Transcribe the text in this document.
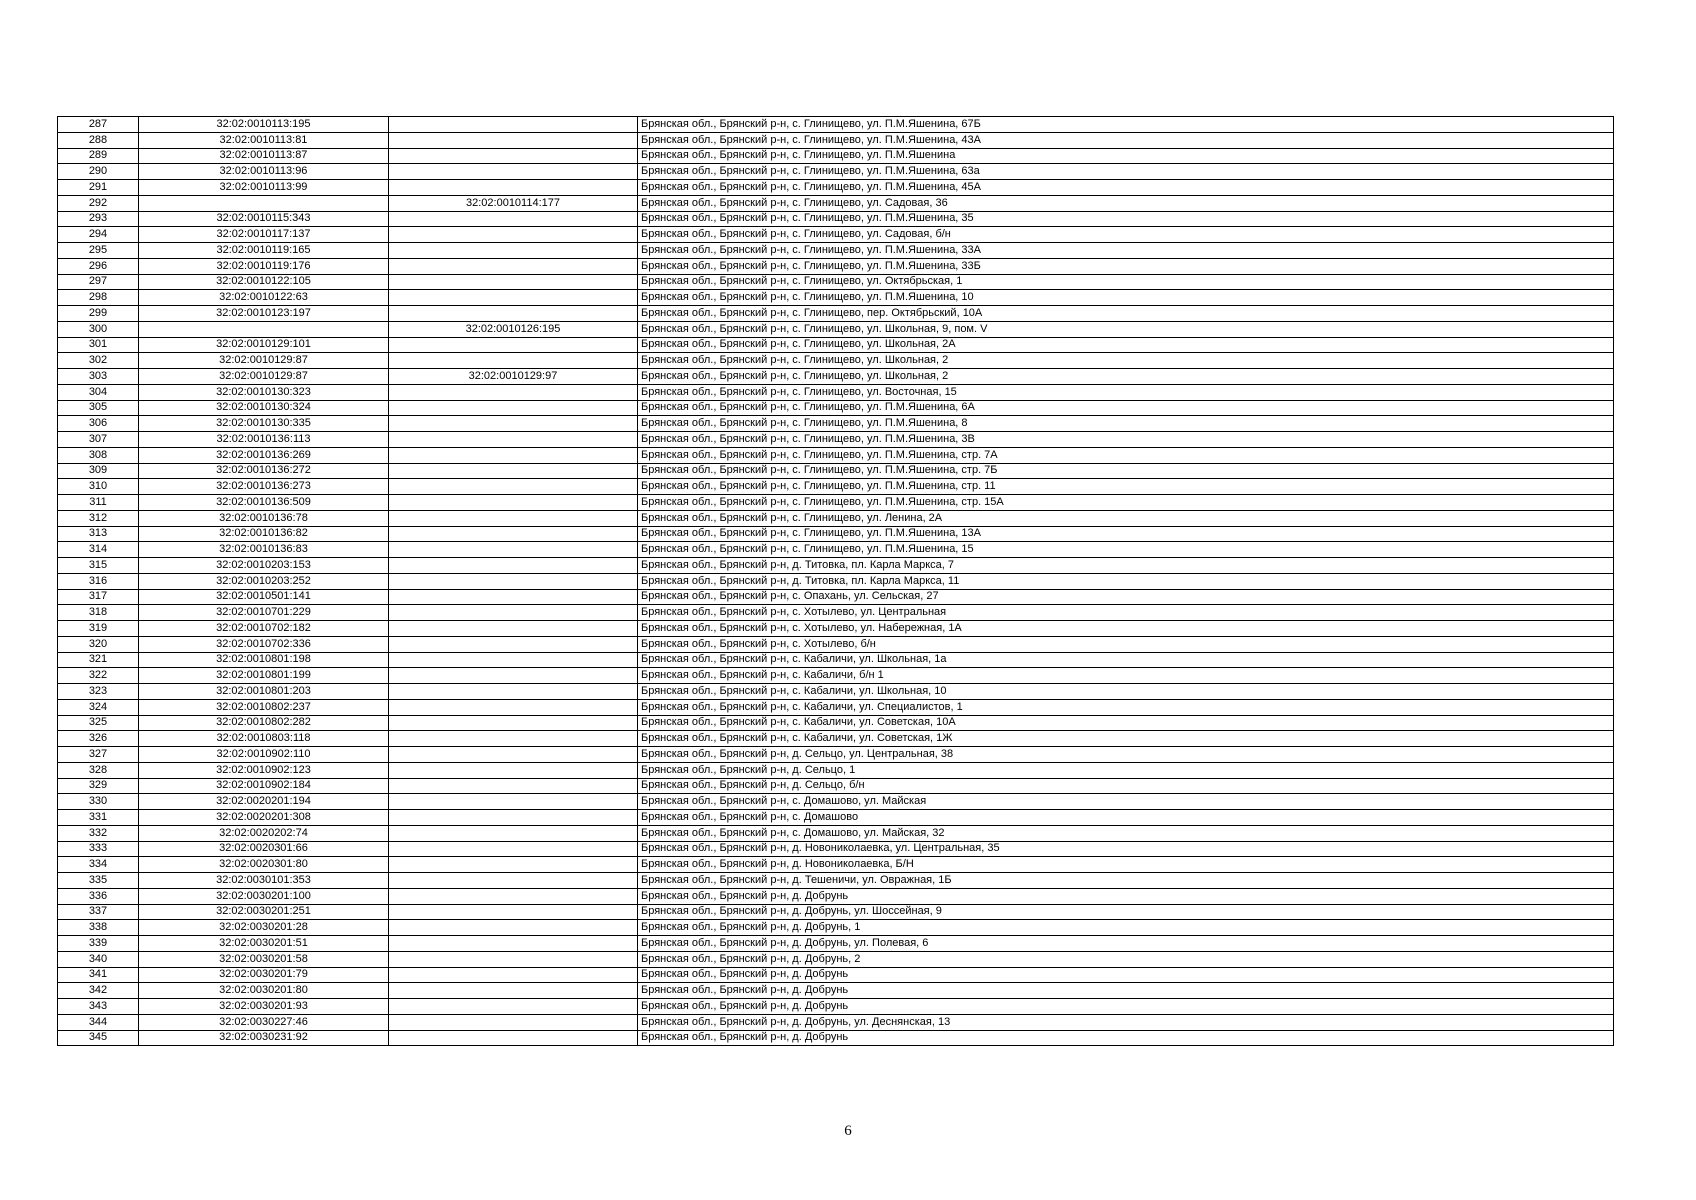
287	32:02:0010113:195		Брянская обл., Брянский р-н, с. Глинищево, ул. П.М.Яшенина, 67Б
288	32:02:0010113:81		Брянская обл., Брянский р-н, с. Глинищево, ул. П.М.Яшенина, 43А
289	32:02:0010113:87		Брянская обл., Брянский р-н, с. Глинищево, ул. П.М.Яшенина
290	32:02:0010113:96		Брянская обл., Брянский р-н, с. Глинищево, ул. П.М.Яшенина, 63а
291	32:02:0010113:99		Брянская обл., Брянский р-н, с. Глинищево, ул. П.М.Яшенина, 45А
292		32:02:0010114:177	Брянская обл., Брянский р-н, с. Глинищево, ул. Садовая, 36
293	32:02:0010115:343		Брянская обл., Брянский р-н, с. Глинищево, ул. П.М.Яшенина, 35
294	32:02:0010117:137		Брянская обл., Брянский р-н, с. Глинищево, ул. Садовая, б/н
295	32:02:0010119:165		Брянская обл., Брянский р-н, с. Глинищево, ул. П.М.Яшенина, 33А
296	32:02:0010119:176		Брянская обл., Брянский р-н, с. Глинищево, ул. П.М.Яшенина, 33Б
297	32:02:0010122:105		Брянская обл., Брянский р-н, с. Глинищево, ул. Октябрьская, 1
298	32:02:0010122:63		Брянская обл., Брянский р-н, с. Глинищево, ул. П.М.Яшенина, 10
299	32:02:0010123:197		Брянская обл., Брянский р-н, с. Глинищево, пер. Октябрьский, 10А
300		32:02:0010126:195	Брянская обл., Брянский р-н, с. Глинищево, ул. Школьная, 9, пом. V
301	32:02:0010129:101		Брянская обл., Брянский р-н, с. Глинищево, ул. Школьная, 2А
302	32:02:0010129:87		Брянская обл., Брянский р-н, с. Глинищево, ул. Школьная, 2
303	32:02:0010129:87	32:02:0010129:97	Брянская обл., Брянский р-н, с. Глинищево, ул. Школьная, 2
304	32:02:0010130:323		Брянская обл., Брянский р-н, с. Глинищево, ул. Восточная, 15
305	32:02:0010130:324		Брянская обл., Брянский р-н, с. Глинищево, ул. П.М.Яшенина, 6А
306	32:02:0010130:335		Брянская обл., Брянский р-н, с. Глинищево, ул. П.М.Яшенина, 8
307	32:02:0010136:113		Брянская обл., Брянский р-н, с. Глинищево, ул. П.М.Яшенина, 3В
308	32:02:0010136:269		Брянская обл., Брянский р-н, с. Глинищево, ул. П.М.Яшенина, стр. 7А
309	32:02:0010136:272		Брянская обл., Брянский р-н, с. Глинищево, ул. П.М.Яшенина, стр. 7Б
310	32:02:0010136:273		Брянская обл., Брянский р-н, с. Глинищево, ул. П.М.Яшенина, стр. 11
311	32:02:0010136:509		Брянская обл., Брянский р-н, с. Глинищево, ул. П.М.Яшенина, стр. 15А
312	32:02:0010136:78		Брянская обл., Брянский р-н, с. Глинищево, ул. Ленина, 2А
313	32:02:0010136:82		Брянская обл., Брянский р-н, с. Глинищево, ул. П.М.Яшенина, 13А
314	32:02:0010136:83		Брянская обл., Брянский р-н, с. Глинищево, ул. П.М.Яшенина, 15
315	32:02:0010203:153		Брянская обл., Брянский р-н, д. Титовка, пл. Карла Маркса, 7
316	32:02:0010203:252		Брянская обл., Брянский р-н, д. Титовка, пл. Карла Маркса, 11
317	32:02:0010501:141		Брянская обл., Брянский р-н, с. Опахань, ул. Сельская, 27
318	32:02:0010701:229		Брянская обл., Брянский р-н, с. Хотылево, ул. Центральная
319	32:02:0010702:182		Брянская обл., Брянский р-н, с. Хотылево, ул. Набережная, 1А
320	32:02:0010702:336		Брянская обл., Брянский р-н, с. Хотылево, б/н
321	32:02:0010801:198		Брянская обл., Брянский р-н, с. Кабаличи, ул. Школьная, 1а
322	32:02:0010801:199		Брянская обл., Брянский р-н, с. Кабаличи, б/н 1
323	32:02:0010801:203		Брянская обл., Брянский р-н, с. Кабаличи, ул. Школьная, 10
324	32:02:0010802:237		Брянская обл., Брянский р-н, с. Кабаличи, ул. Специалистов, 1
325	32:02:0010802:282		Брянская обл., Брянский р-н, с. Кабаличи, ул. Советская, 10А
326	32:02:0010803:118		Брянская обл., Брянский р-н, с. Кабаличи, ул. Советская, 1Ж
327	32:02:0010902:110		Брянская обл., Брянский р-н, д. Сельцо, ул. Центральная, 38
328	32:02:0010902:123		Брянская обл., Брянский р-н, д. Сельцо, 1
329	32:02:0010902:184		Брянская обл., Брянский р-н, д. Сельцо, б/н
330	32:02:0020201:194		Брянская обл., Брянский р-н, с. Домашово, ул. Майская
331	32:02:0020201:308		Брянская обл., Брянский р-н, с. Домашово
332	32:02:0020202:74		Брянская обл., Брянский р-н, с. Домашово, ул. Майская, 32
333	32:02:0020301:66		Брянская обл., Брянский р-н, д. Новониколаевка, ул. Центральная, 35
334	32:02:0020301:80		Брянская обл., Брянский р-н, д. Новониколаевка, Б/Н
335	32:02:0030101:353		Брянская обл., Брянский р-н, д. Тешеничи, ул. Овражная, 1Б
336	32:02:0030201:100		Брянская обл., Брянский р-н, д. Добрунь
337	32:02:0030201:251		Брянская обл., Брянский р-н, д. Добрунь, ул. Шоссейная, 9
338	32:02:0030201:28		Брянская обл., Брянский р-н, д. Добрунь, 1
339	32:02:0030201:51		Брянская обл., Брянский р-н, д. Добрунь, ул. Полевая, 6
340	32:02:0030201:58		Брянская обл., Брянский р-н, д. Добрунь, 2
341	32:02:0030201:79		Брянская обл., Брянский р-н, д. Добрунь
342	32:02:0030201:80		Брянская обл., Брянский р-н, д. Добрунь
343	32:02:0030201:93		Брянская обл., Брянский р-н, д. Добрунь
344	32:02:0030227:46		Брянская обл., Брянский р-н, д. Добрунь, ул. Деснянская, 13
345	32:02:0030231:92		Брянская обл., Брянский р-н, д. Добрунь
6
